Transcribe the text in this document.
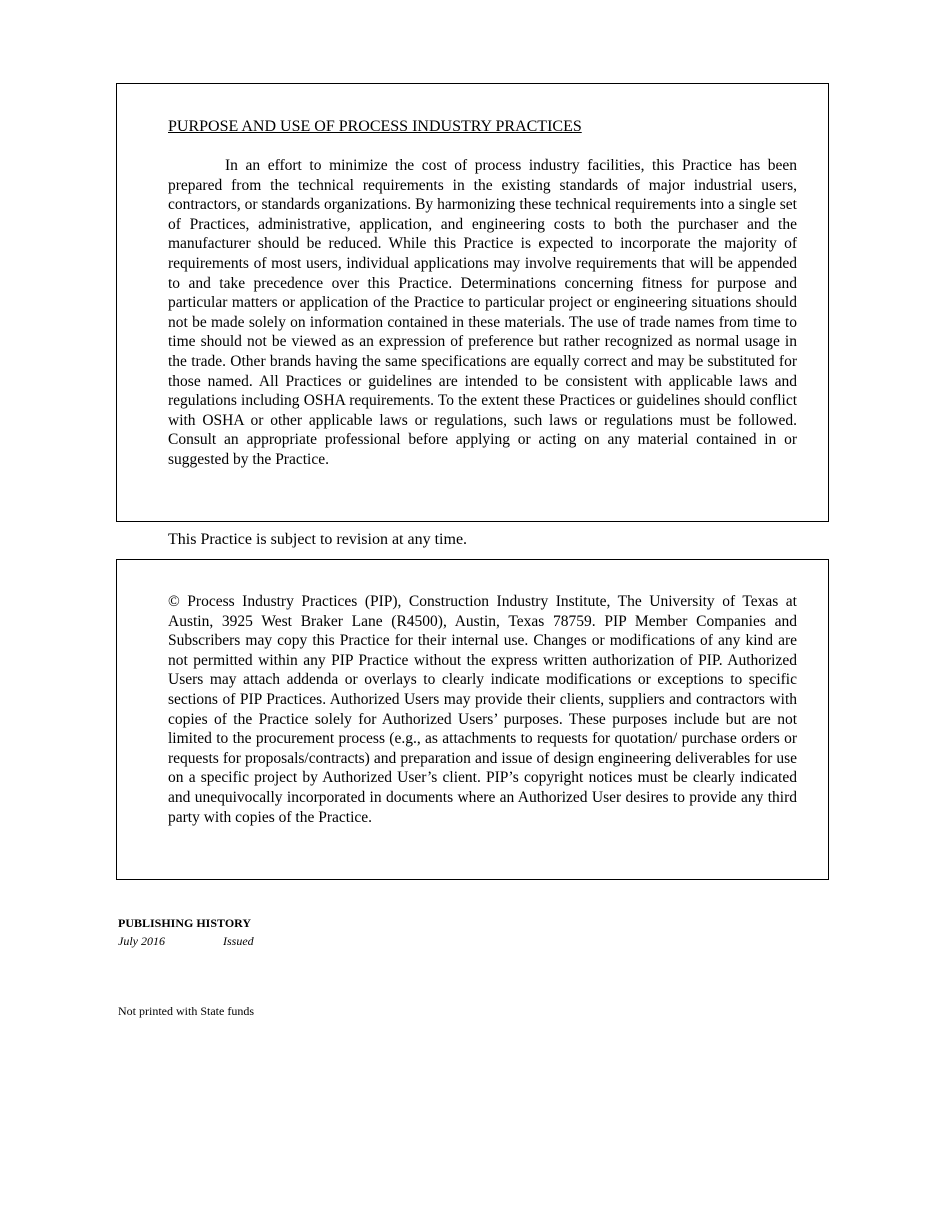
PURPOSE AND USE OF PROCESS INDUSTRY PRACTICES

In an effort to minimize the cost of process industry facilities, this Practice has been prepared from the technical requirements in the existing standards of major industrial users, contractors, or standards organizations. By harmonizing these technical requirements into a single set of Practices, administrative, application, and engineering costs to both the purchaser and the manufacturer should be reduced. While this Practice is expected to incorporate the majority of requirements of most users, individual applications may involve requirements that will be appended to and take precedence over this Practice. Determinations concerning fitness for purpose and particular matters or application of the Practice to particular project or engineering situations should not be made solely on information contained in these materials. The use of trade names from time to time should not be viewed as an expression of preference but rather recognized as normal usage in the trade. Other brands having the same specifications are equally correct and may be substituted for those named. All Practices or guidelines are intended to be consistent with applicable laws and regulations including OSHA requirements. To the extent these Practices or guidelines should conflict with OSHA or other applicable laws or regulations, such laws or regulations must be followed. Consult an appropriate professional before applying or acting on any material contained in or suggested by the Practice.

This Practice is subject to revision at any time.

© Process Industry Practices (PIP), Construction Industry Institute, The University of Texas at Austin, 3925 West Braker Lane (R4500), Austin, Texas 78759. PIP Member Companies and Subscribers may copy this Practice for their internal use. Changes or modifications of any kind are not permitted within any PIP Practice without the express written authorization of PIP. Authorized Users may attach addenda or overlays to clearly indicate modifications or exceptions to specific sections of PIP Practices. Authorized Users may provide their clients, suppliers and contractors with copies of the Practice solely for Authorized Users’ purposes. These purposes include but are not limited to the procurement process (e.g., as attachments to requests for quotation/ purchase orders or requests for proposals/contracts) and preparation and issue of design engineering deliverables for use on a specific project by Authorized User’s client. PIP’s copyright notices must be clearly indicated and unequivocally incorporated in documents where an Authorized User desires to provide any third party with copies of the Practice.

PUBLISHING HISTORY
July 2016	Issued
Not printed with State funds
